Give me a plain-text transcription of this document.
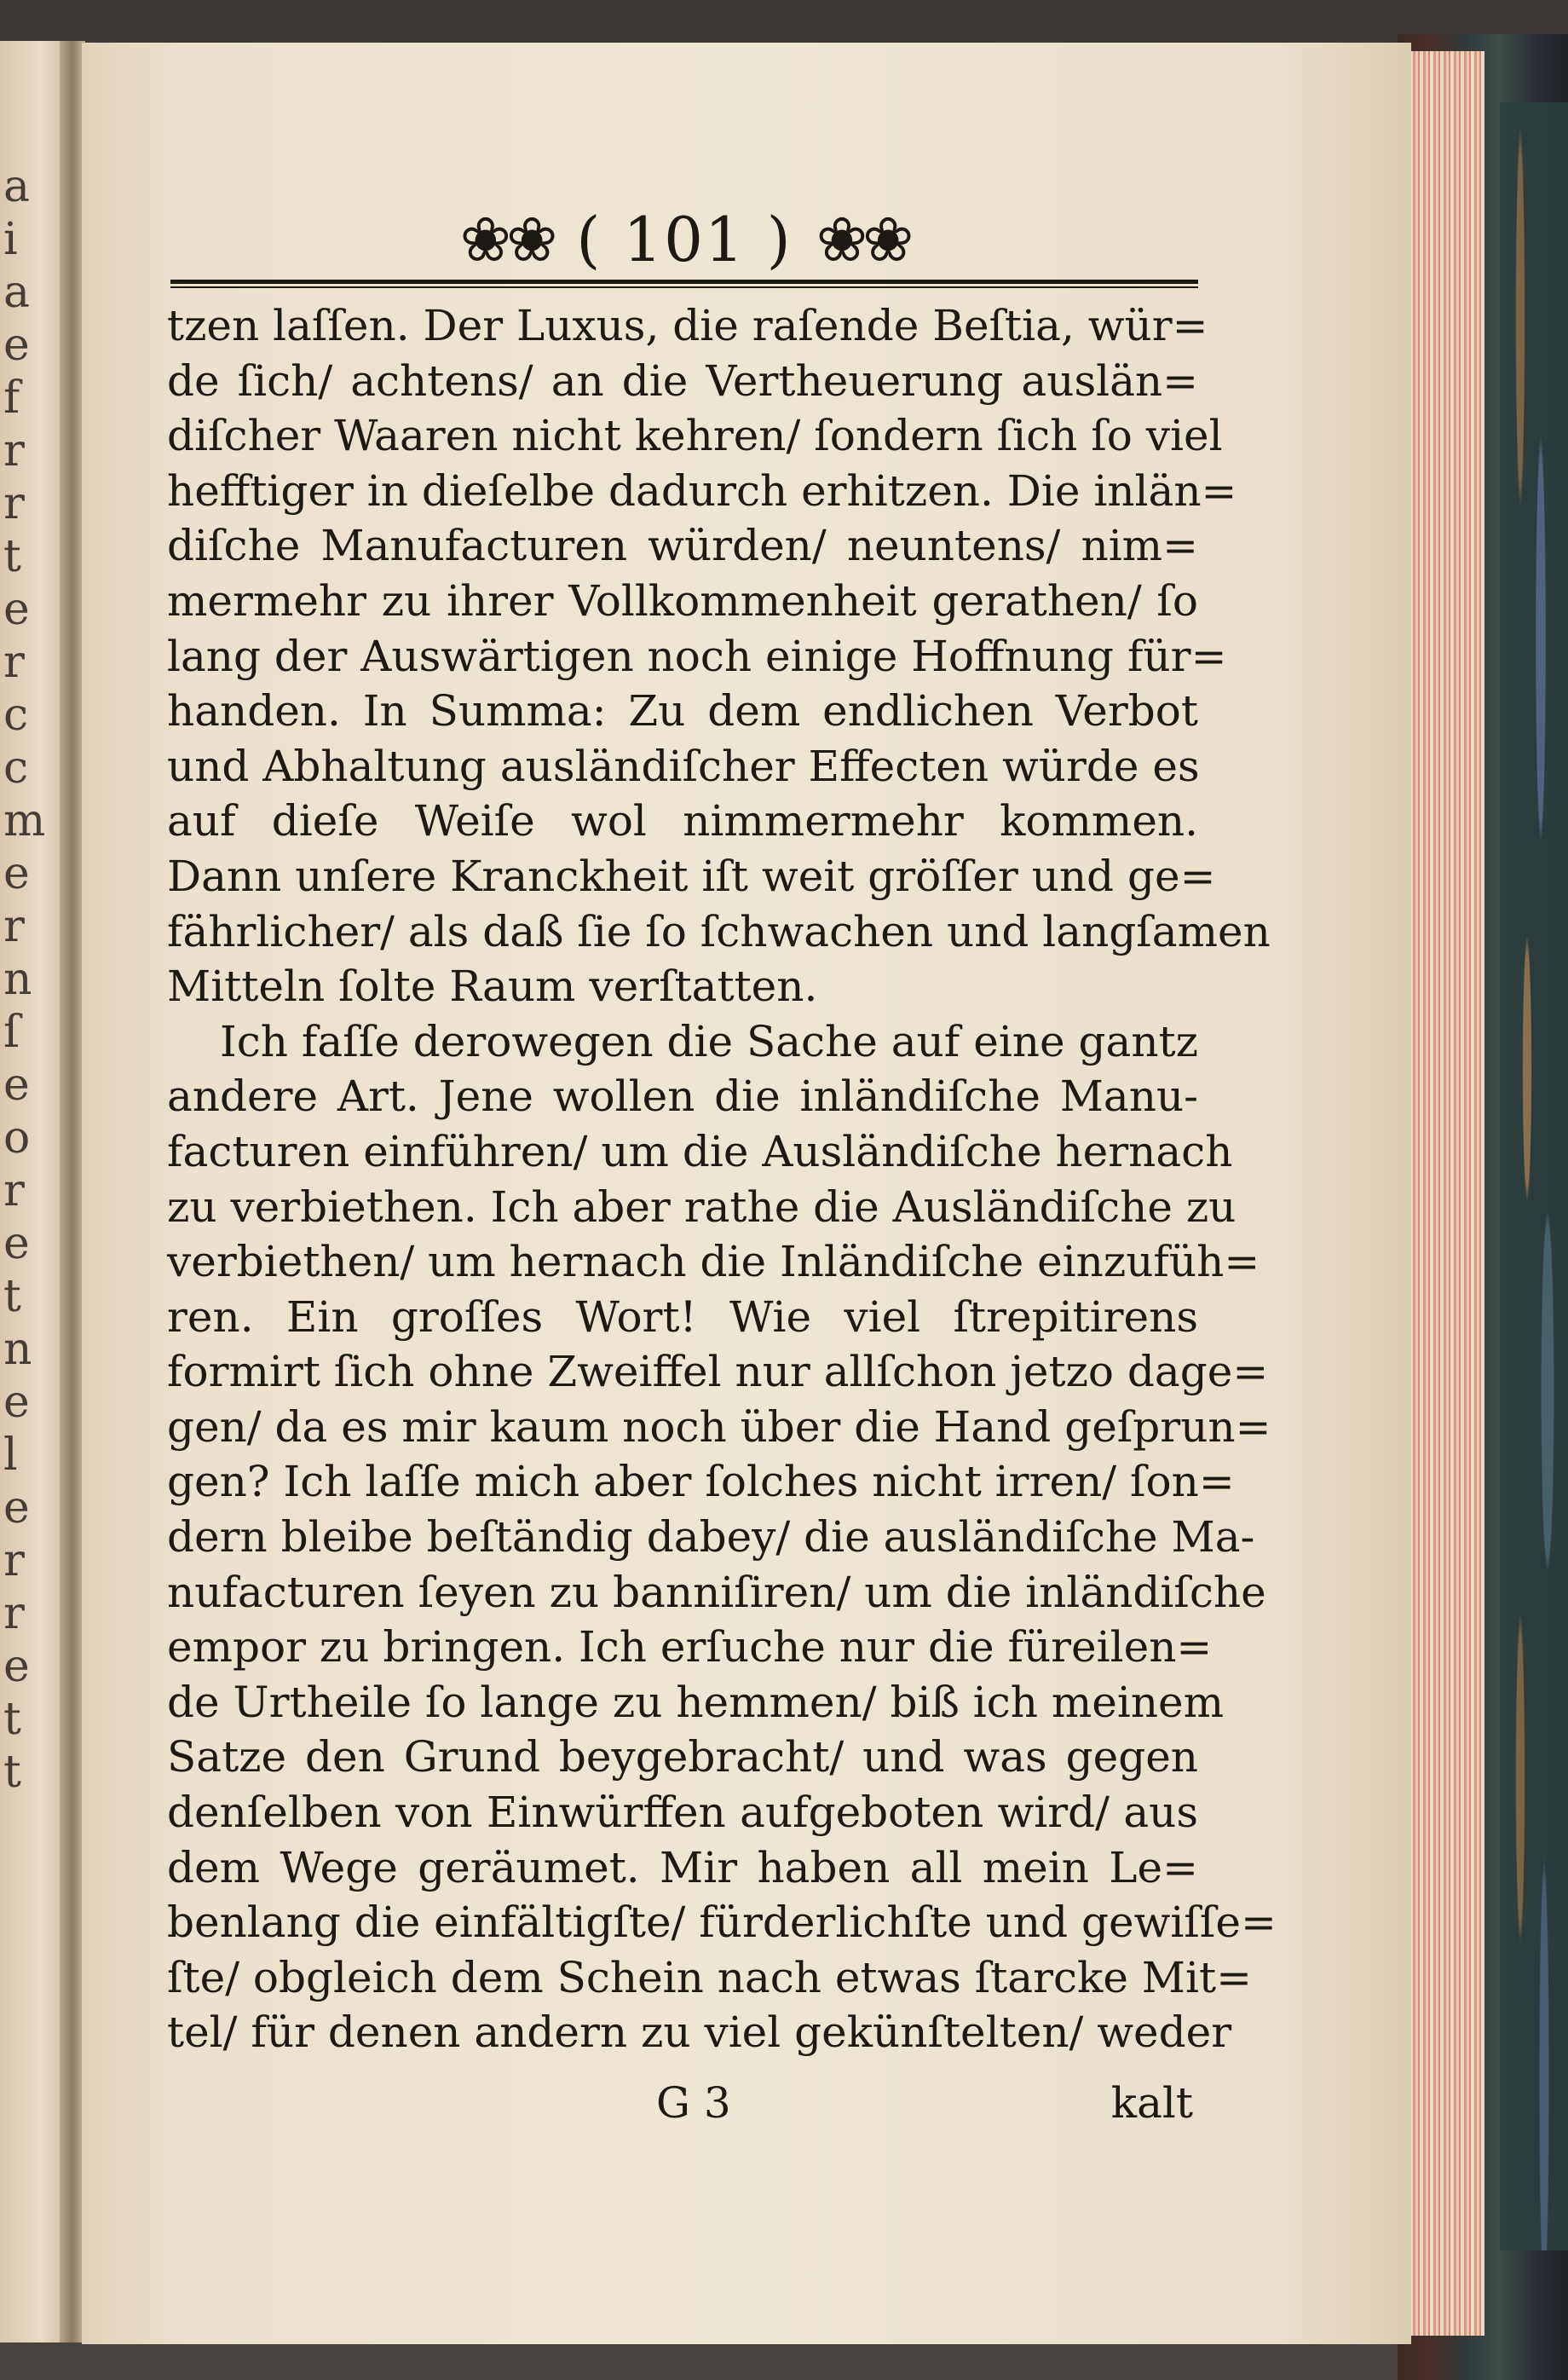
a
i
a
e
f
r
r
t
e
r
c
c
m
e
r
n
ſ
e
o
r
e
t
n
e
l
e
r
r
e
t
t
❀❀ ( 101 ) ❀❀
tzen laſſen. Der Luxus, die raſende Beſtia, wür=
de ſich/ achtens/ an die Vertheuerung auslän=
diſcher Waaren nicht kehren/ ſondern ſich ſo viel
hefftiger in dieſelbe dadurch erhitzen. Die inlän=
diſche Manufacturen würden/ neuntens/ nim=
mermehr zu ihrer Vollkommenheit gerathen/ ſo
lang der Auswärtigen noch einige Hoffnung für=
handen. In Summa: Zu dem endlichen Verbot
und Abhaltung ausländiſcher Effecten würde es
auf dieſe Weiſe wol nimmermehr kommen.
Dann unſere Kranckheit iſt weit gröſſer und ge=
fährlicher/ als daß ſie ſo ſchwachen und langſamen
Mitteln ſolte Raum verſtatten.
Ich faſſe derowegen die Sache auf eine gantz
andere Art. Jene wollen die inländiſche Manu-
facturen einführen/ um die Ausländiſche hernach
zu verbiethen. Ich aber rathe die Ausländiſche zu
verbiethen/ um hernach die Inländiſche einzufüh=
ren. Ein groſſes Wort! Wie viel ſtrepitirens
formirt ſich ohne Zweiffel nur allſchon jetzo dage=
gen/ da es mir kaum noch über die Hand geſprun=
gen? Ich laſſe mich aber ſolches nicht irren/ ſon=
dern bleibe beſtändig dabey/ die ausländiſche Ma-
nufacturen ſeyen zu banniſiren/ um die inländiſche
empor zu bringen. Ich erſuche nur die füreilen=
de Urtheile ſo lange zu hemmen/ biß ich meinem
Satze den Grund beygebracht/ und was gegen
denſelben von Einwürffen aufgeboten wird/ aus
dem Wege geräumet. Mir haben all mein Le=
benlang die einfältigſte/ fürderlichſte und gewiſſe=
ſte/ obgleich dem Schein nach etwas ſtarcke Mit=
tel/ für denen andern zu viel gekünſtelten/ weder
G 3	kalt
